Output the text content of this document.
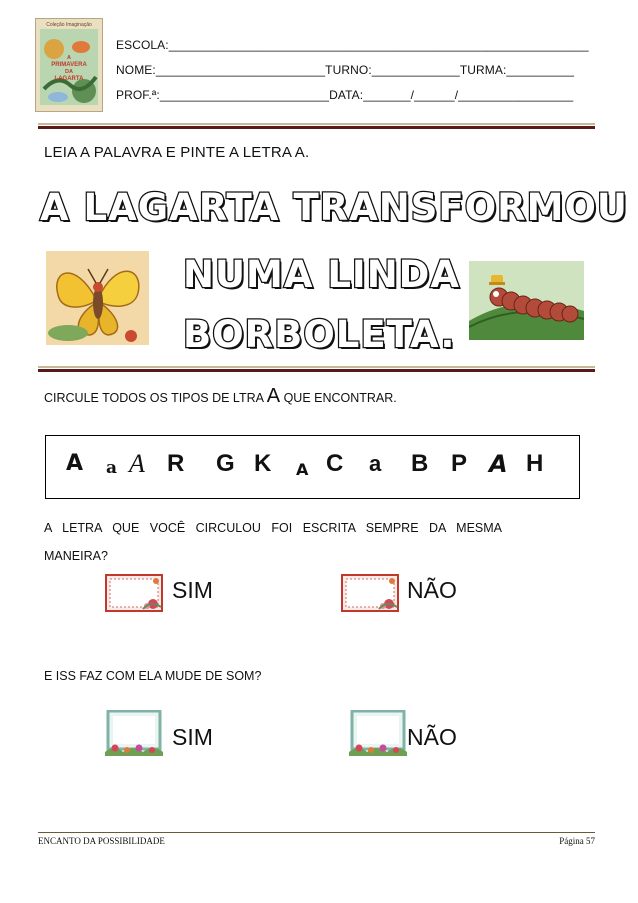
Coleção Imaginação
A
PRIMAVERA
DA
LAGARTA
ESCOLA:______________________________________________________________
NOME:_________________________TURNO:_____________TURMA:__________
PROF.ª:_________________________DATA:_______/______/_________________
LEIA A PALAVRA E PINTE A LETRA A.
A LAGARTA TRANSFORMOU
NUMA LINDA
BORBOLETA.
CIRCULE TODOS OS TIPOS DE LTRA A QUE ENCONTRAR.
A a A R G K A C a B P A H
A LETRA QUE VOCÊ CIRCULOU FOI ESCRITA SEMPRE DA MESMA
MANEIRA?
SIM	NÃO
E ISS FAZ COM ELA MUDE DE SOM?
SIM	NÃO
ENCANTO DA POSSIBILIDADE	Página 57
